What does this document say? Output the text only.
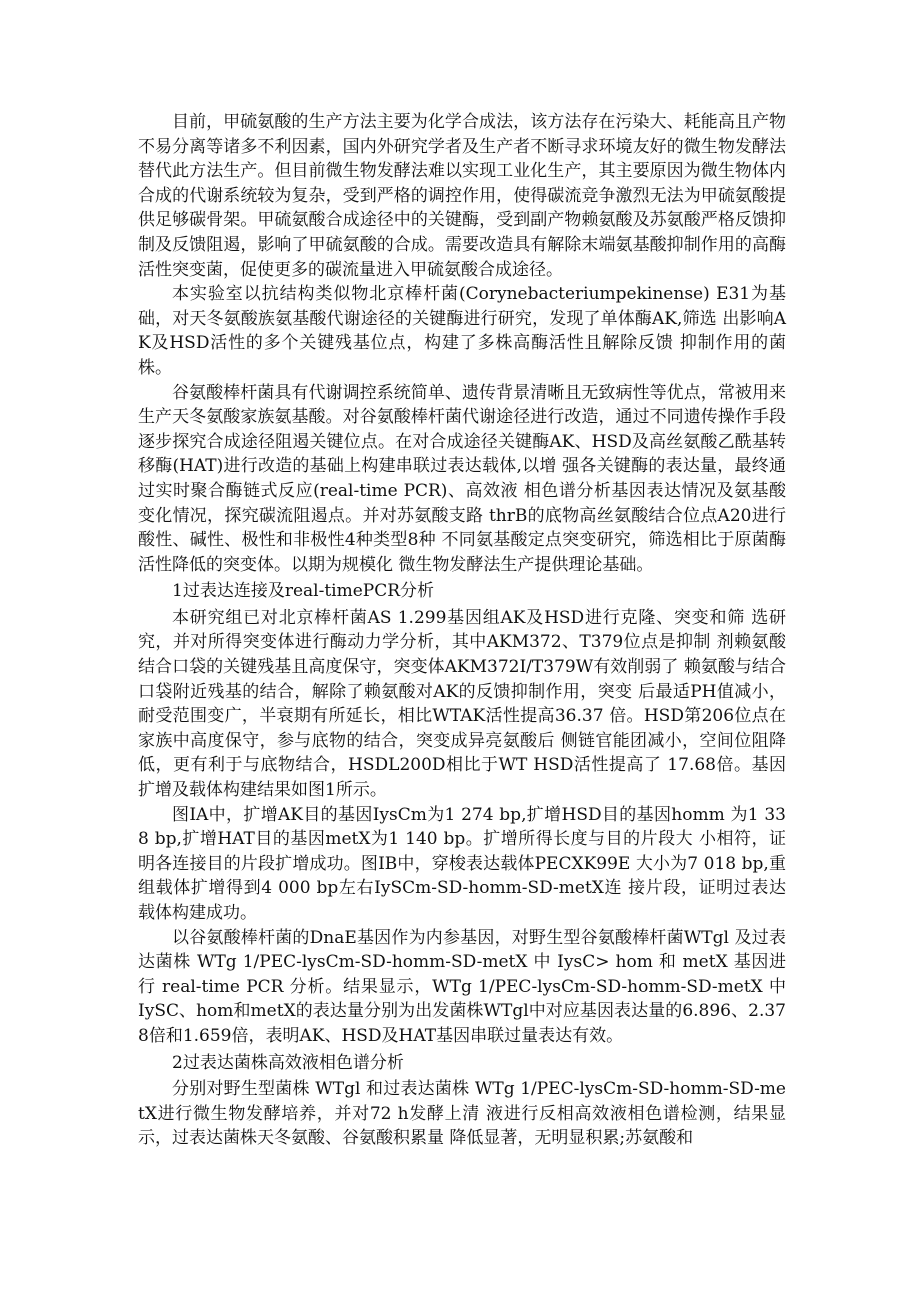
目前，甲硫氨酸的生产方法主要为化学合成法，该方法存在污染大、耗能高且产物不易分离等诸多不利因素，国内外研究学者及生产者不断寻求环境友好的微生物发酵法替代此方法生产。但目前微生物发酵法难以实现工业化生产，其主要原因为微生物体内合成的代谢系统较为复杂，受到严格的调控作用，使得碳流竞争激烈无法为甲硫氨酸提供足够碳骨架。甲硫氨酸合成途径中的关键酶，受到副产物赖氨酸及苏氨酸严格反馈抑制及反馈阻遏，影响了甲硫氨酸的合成。需要改造具有解除末端氨基酸抑制作用的高酶活性突变菌，促使更多的碳流量进入甲硫氨酸合成途径。

本实验室以抗结构类似物北京棒杆菌(Corynebacteriumpekinense) E31为基 础，对天冬氨酸族氨基酸代谢途径的关键酶进行研究，发现了单体酶AK,筛选 出影响AK及HSD活性的多个关键残基位点，构建了多株高酶活性且解除反馈 抑制作用的菌株。

谷氨酸棒杆菌具有代谢调控系统简单、遗传背景清晰且无致病性等优点，常被用来生产天冬氨酸家族氨基酸。对谷氨酸棒杆菌代谢途径进行改造，通过不同遗传操作手段逐步探究合成途径阻遏关键位点。在对合成途径关键酶AK、HSD及高丝氨酸乙酰基转移酶(HAT)进行改造的基础上构建串联过表达载体,以增 强各关键酶的表达量，最终通过实时聚合酶链式反应(real-time PCR)、高效液 相色谱分析基因表达情况及氨基酸变化情况，探究碳流阻遏点。并对苏氨酸支路 thrB的底物高丝氨酸结合位点A20进行酸性、碱性、极性和非极性4种类型8种 不同氨基酸定点突变研究，筛选相比于原菌酶活性降低的突变体。以期为规模化 微生物发酵法生产提供理论基础。

1过表达连接及real-timePCR分析

本研究组已对北京棒杆菌AS 1.299基因组AK及HSD进行克隆、突变和筛 选研究，并对所得突变体进行酶动力学分析，其中AKM372、T379位点是抑制 剂赖氨酸结合口袋的关键残基且高度保守，突变体AKM372I/T379W有效削弱了 赖氨酸与结合口袋附近残基的结合，解除了赖氨酸对AK的反馈抑制作用，突变 后最适PH值减小，耐受范围变广，半衰期有所延长，相比WTAK活性提高36.37 倍。HSD第206位点在家族中高度保守，参与底物的结合，突变成异亮氨酸后 侧链官能团减小，空间位阻降低，更有利于与底物结合，HSDL200D相比于WT HSD活性提高了 17.68倍。基因扩增及载体构建结果如图1所示。

图IA中，扩增AK目的基因IysCm为1 274 bp,扩增HSD目的基因homm 为1 338 bp,扩增HAT目的基因metX为1 140 bp。扩增所得长度与目的片段大 小相符，证明各连接目的片段扩增成功。图IB中，穿梭表达载体PECXK99E 大小为7 018 bp,重组载体扩增得到4 000 bp左右IySCm-SD-homm-SD-metX连 接片段，证明过表达载体构建成功。

以谷氨酸棒杆菌的DnaE基因作为内参基因，对野生型谷氨酸棒杆菌WTgl 及过表达菌株 WTg 1/PEC-lysCm-SD-homm-SD-metX 中 IysC> hom 和 metX 基因进行 real-time PCR 分析。结果显示，WTg 1/PEC-lysCm-SD-homm-SD-metX 中 IySC、hom和metX的表达量分别为出发菌株WTgl中对应基因表达量的6.896、2.378倍和1.659倍，表明AK、HSD及HAT基因串联过量表达有效。

2过表达菌株高效液相色谱分析

分别对野生型菌株 WTgl 和过表达菌株 WTg 1/PEC-lysCm-SD-homm-SD-metX进行微生物发酵培养，并对72 h发酵上清 液进行反相高效液相色谱检测，结果显示，过表达菌株天冬氨酸、谷氨酸积累量 降低显著，无明显积累;苏氨酸和
